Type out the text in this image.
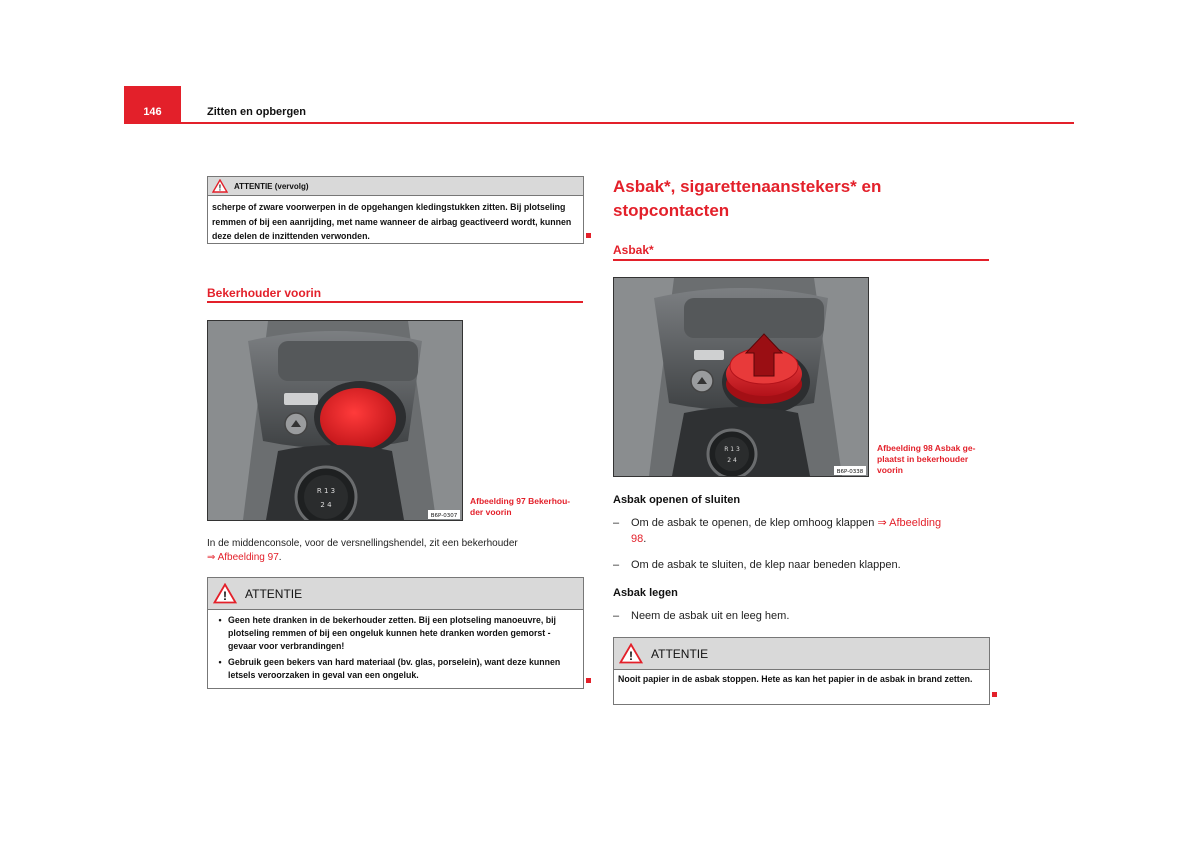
146	Zitten en opbergen
! ATTENTIE (vervolg)
scherpe of zware voorwerpen in de opgehangen kledingstukken zitten. Bij plotseling remmen of bij een aanrijding, met name wanneer de airbag geactiveerd wordt, kunnen deze delen de inzittenden verwonden.
Bekerhouder voorin
R 1 3
2 4
B6P-0307
Afbeelding 97 Bekerhou-
der voorin
In de middenconsole, voor de versnellingshendel, zit een bekerhouder
⇒ Afbeelding 97.
! ATTENTIE
• Geen hete dranken in de bekerhouder zetten. Bij een plotseling manoeuvre, bij plotseling remmen of bij een ongeluk kunnen hete dranken worden gemorst - gevaar voor verbrandingen!
• Gebruik geen bekers van hard materiaal (bv. glas, porselein), want deze kunnen letsels veroorzaken in geval van een ongeluk.
Asbak*, sigarettenaanstekers* en
stopcontacten
Asbak*
R 1 3
2 4
B6P-0338
Afbeelding 98 Asbak ge-
plaatst in bekerhouder
voorin
Asbak openen of sluiten
–	Om de asbak te openen, de klep omhoog klappen ⇒ Afbeelding
98.
–	Om de asbak te sluiten, de klep naar beneden klappen.
Asbak legen
–	Neem de asbak uit en leeg hem.
! ATTENTIE
Nooit papier in de asbak stoppen. Hete as kan het papier in de asbak in brand zetten.
